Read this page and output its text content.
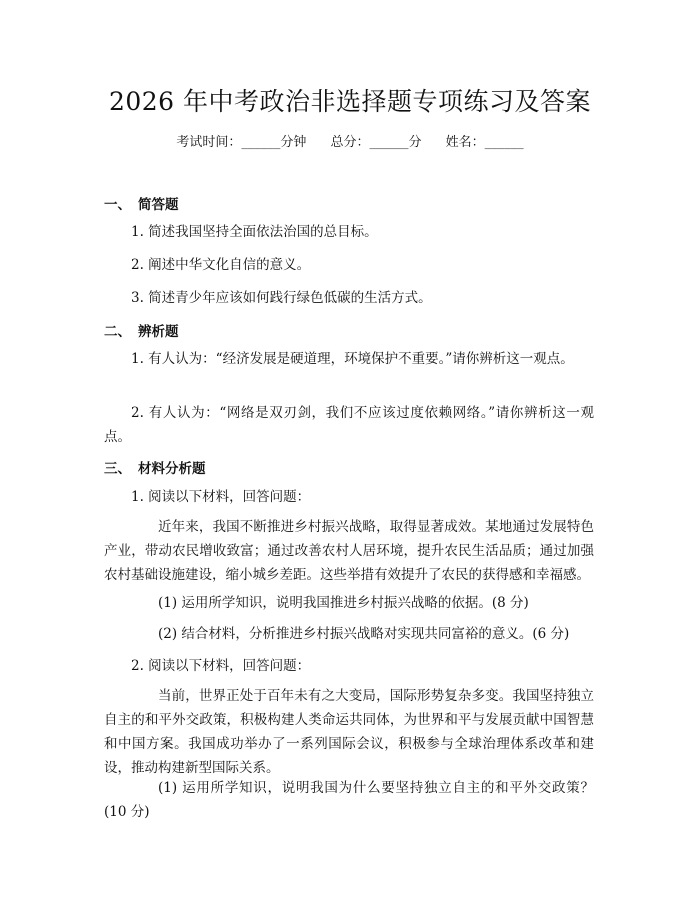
2026 年中考政治非选择题专项练习及答案
考试时间：______分钟 总分：______分 姓名：______
一、 简答题
1. 简述我国坚持全面依法治国的总目标。
2. 阐述中华文化自信的意义。
3. 简述青少年应该如何践行绿色低碳的生活方式。
二、 辨析题
1. 有人认为：“经济发展是硬道理，环境保护不重要。”请你辨析这一观点。
2. 有人认为：“网络是双刃剑，我们不应该过度依赖网络。”请你辨析这一观点。
三、 材料分析题
1. 阅读以下材料，回答问题：
近年来，我国不断推进乡村振兴战略，取得显著成效。某地通过发展特色产业，带动农民增收致富；通过改善农村人居环境，提升农民生活品质；通过加强农村基础设施建设，缩小城乡差距。这些举措有效提升了农民的获得感和幸福感。
(1) 运用所学知识，说明我国推进乡村振兴战略的依据。(8 分)
(2) 结合材料，分析推进乡村振兴战略对实现共同富裕的意义。(6 分)
2. 阅读以下材料，回答问题：
当前，世界正处于百年未有之大变局，国际形势复杂多变。我国坚持独立自主的和平外交政策，积极构建人类命运共同体，为世界和平与发展贡献中国智慧和中国方案。我国成功举办了一系列国际会议，积极参与全球治理体系改革和建设，推动构建新型国际关系。
(1) 运用所学知识，说明我国为什么要坚持独立自主的和平外交政策？(10 分)
